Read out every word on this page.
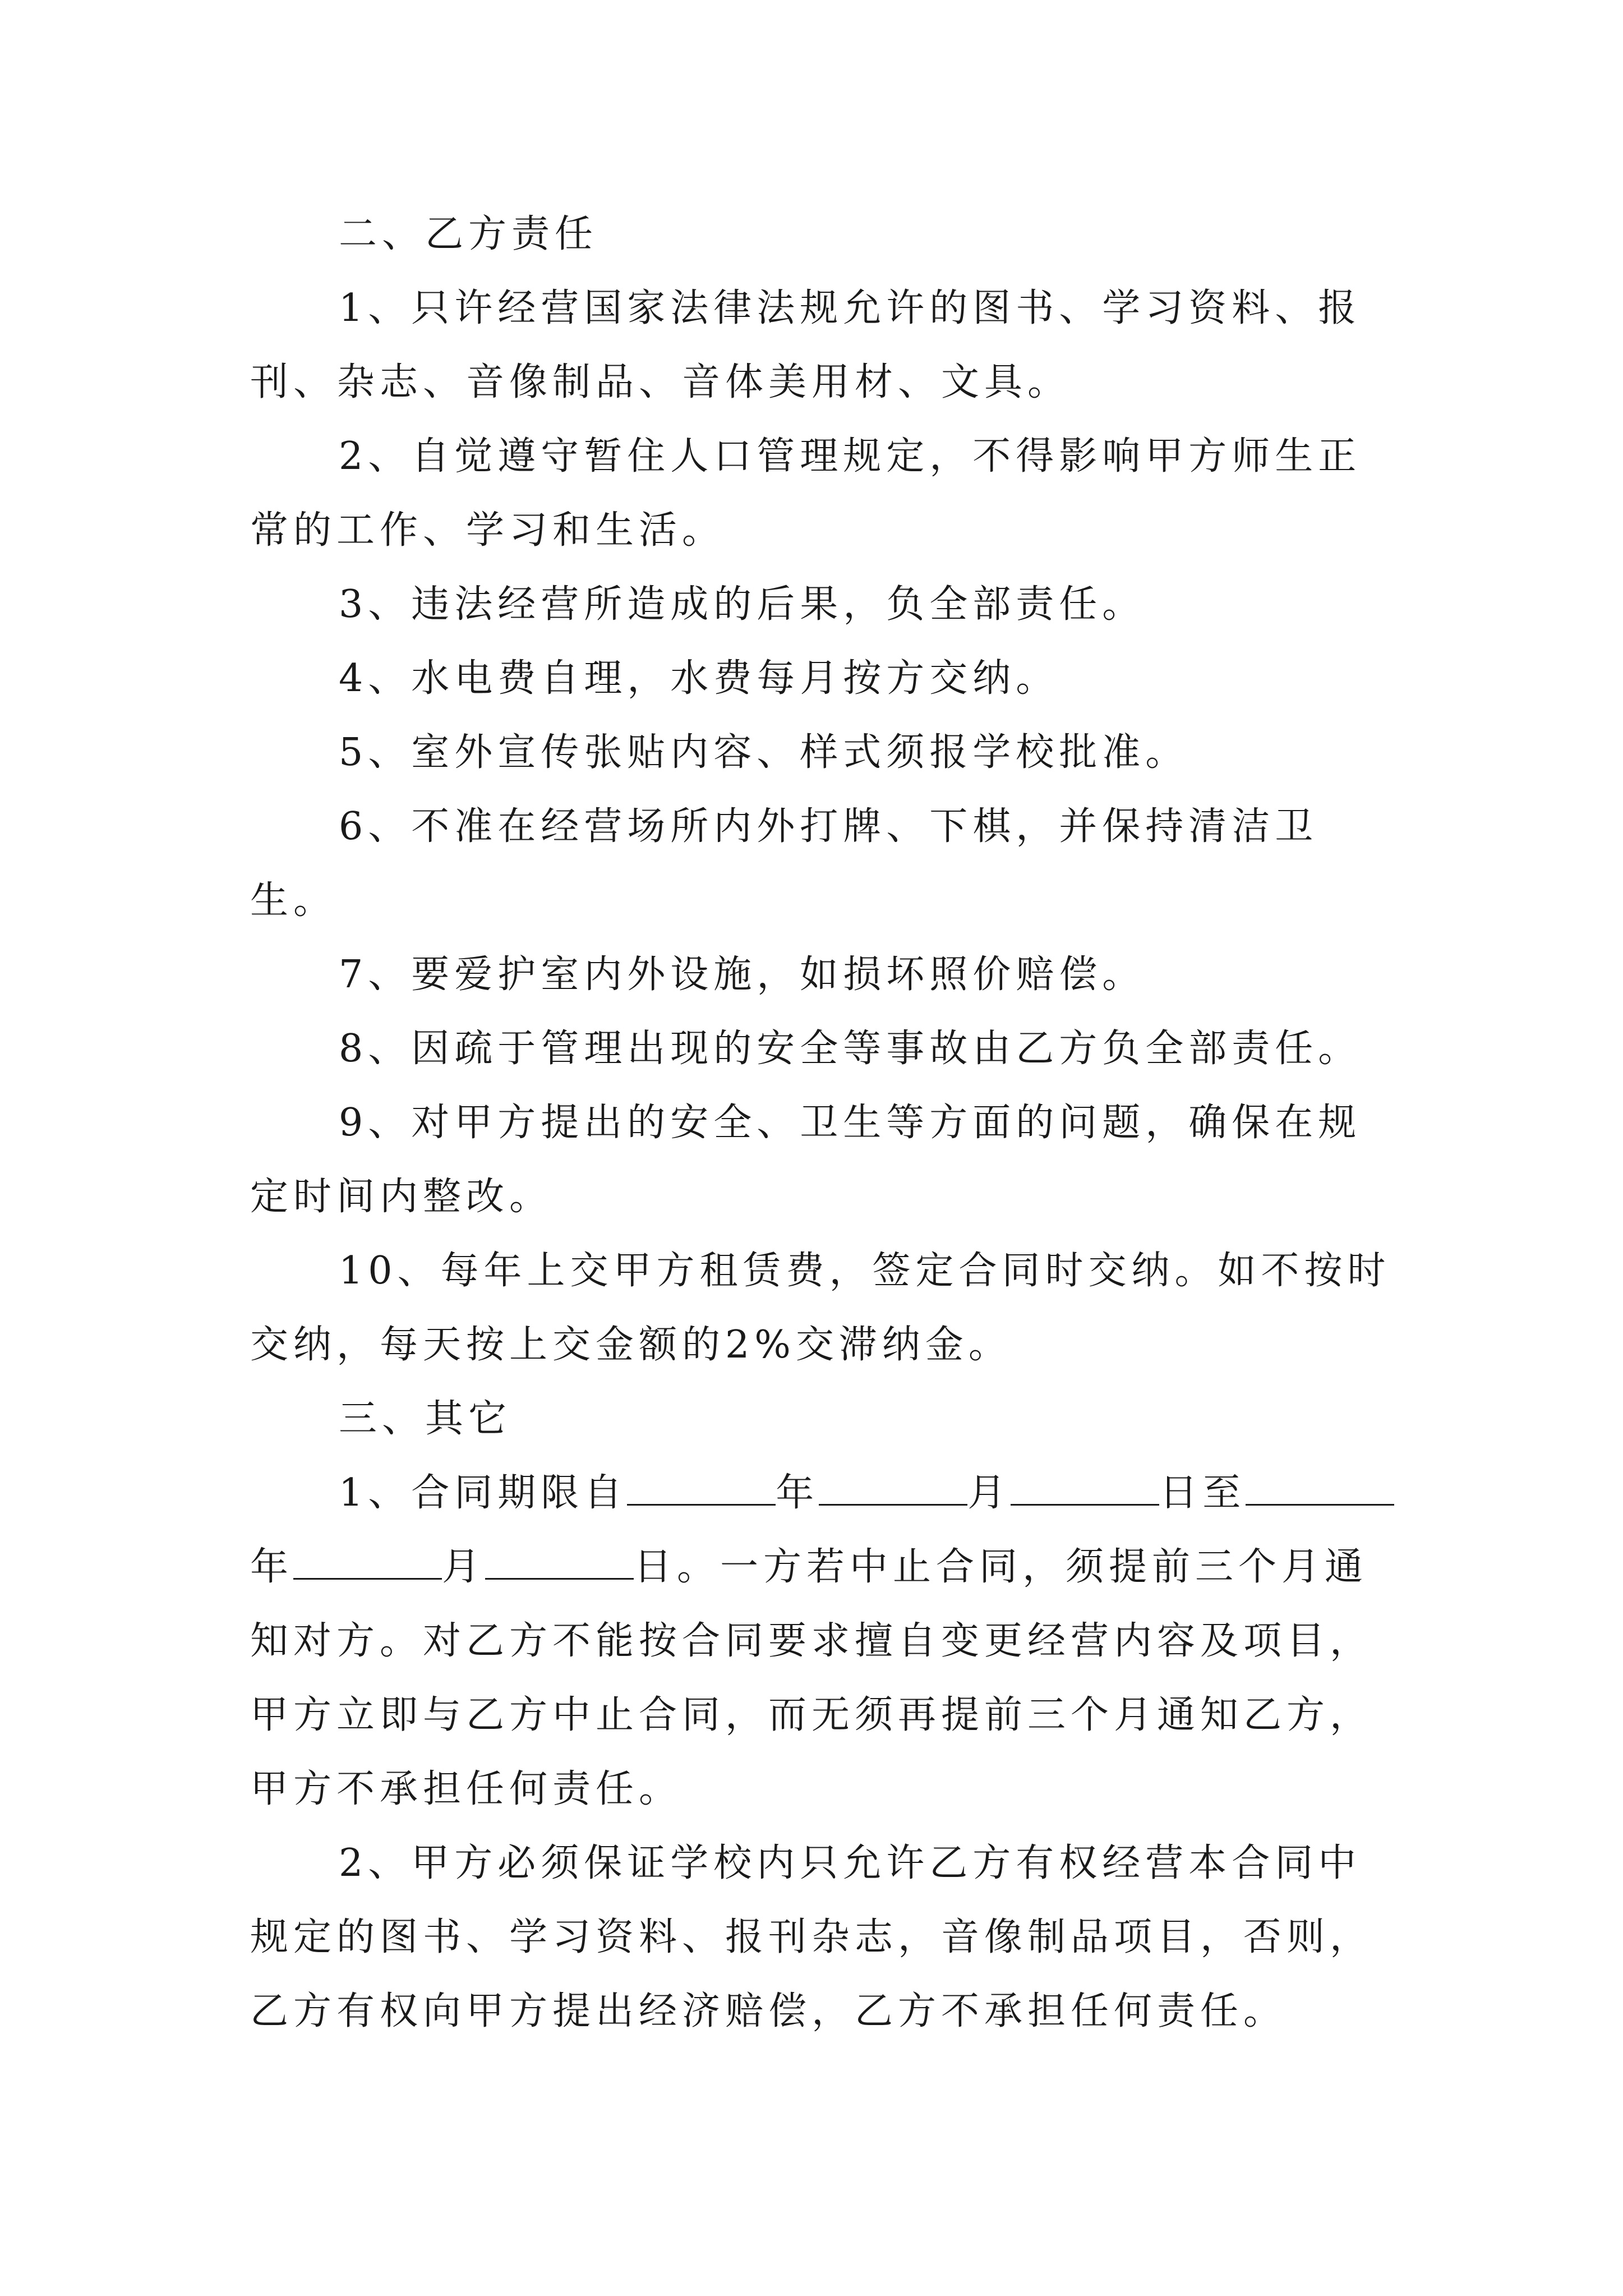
二、乙方责任

1、只许经营国家法律法规允许的图书、学习资料、报刊、杂志、音像制品、音体美用材、文具。

2、自觉遵守暂住人口管理规定，不得影响甲方师生正常的工作、学习和生活。

3、违法经营所造成的后果，负全部责任。

4、水电费自理，水费每月按方交纳。

5、室外宣传张贴内容、样式须报学校批准。

6、不准在经营场所内外打牌、下棋，并保持清洁卫生。

7、要爱护室内外设施，如损坏照价赔偿。

8、因疏于管理出现的安全等事故由乙方负全部责任。

9、对甲方提出的安全、卫生等方面的问题，确保在规定时间内整改。

10、每年上交甲方租赁费，签定合同时交纳。如不按时交纳，每天按上交金额的2%交滞纳金。

三、其它

1、合同期限自	年	月	日至年	月	日。一方若中止合同，须提前三个月通知对方。对乙方不能按合同要求擅自变更经营内容及项目，甲方立即与乙方中止合同，而无须再提前三个月通知乙方，甲方不承担任何责任。

2、甲方必须保证学校内只允许乙方有权经营本合同中规定的图书、学习资料、报刊杂志，音像制品项目，否则，乙方有权向甲方提出经济赔偿，乙方不承担任何责任。
